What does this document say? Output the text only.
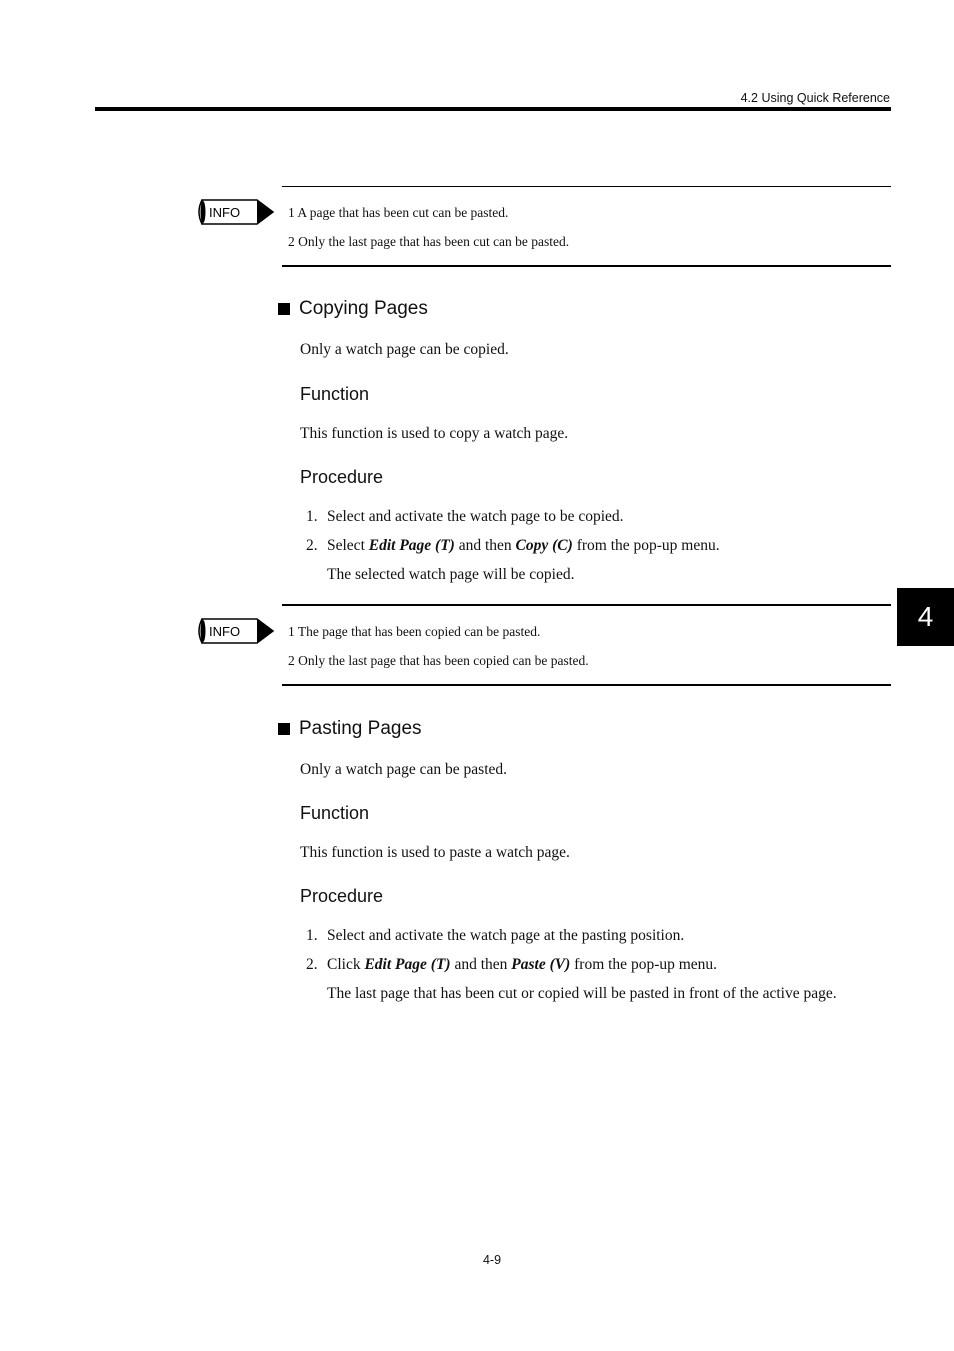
4.2 Using Quick Reference
INFO	1 A page that has been cut can be pasted.
2 Only the last page that has been cut can be pasted.
Copying Pages
Only a watch page can be copied.
Function
This function is used to copy a watch page.
Procedure
1. Select and activate the watch page to be copied.
2. Select Edit Page (T) and then Copy (C) from the pop-up menu.
The selected watch page will be copied.
INFO	1 The page that has been copied can be pasted.
2 Only the last page that has been copied can be pasted.
4
Pasting Pages
Only a watch page can be pasted.
Function
This function is used to paste a watch page.
Procedure
1. Select and activate the watch page at the pasting position.
2. Click Edit Page (T) and then Paste (V) from the pop-up menu.
The last page that has been cut or copied will be pasted in front of the active page.
4-9
